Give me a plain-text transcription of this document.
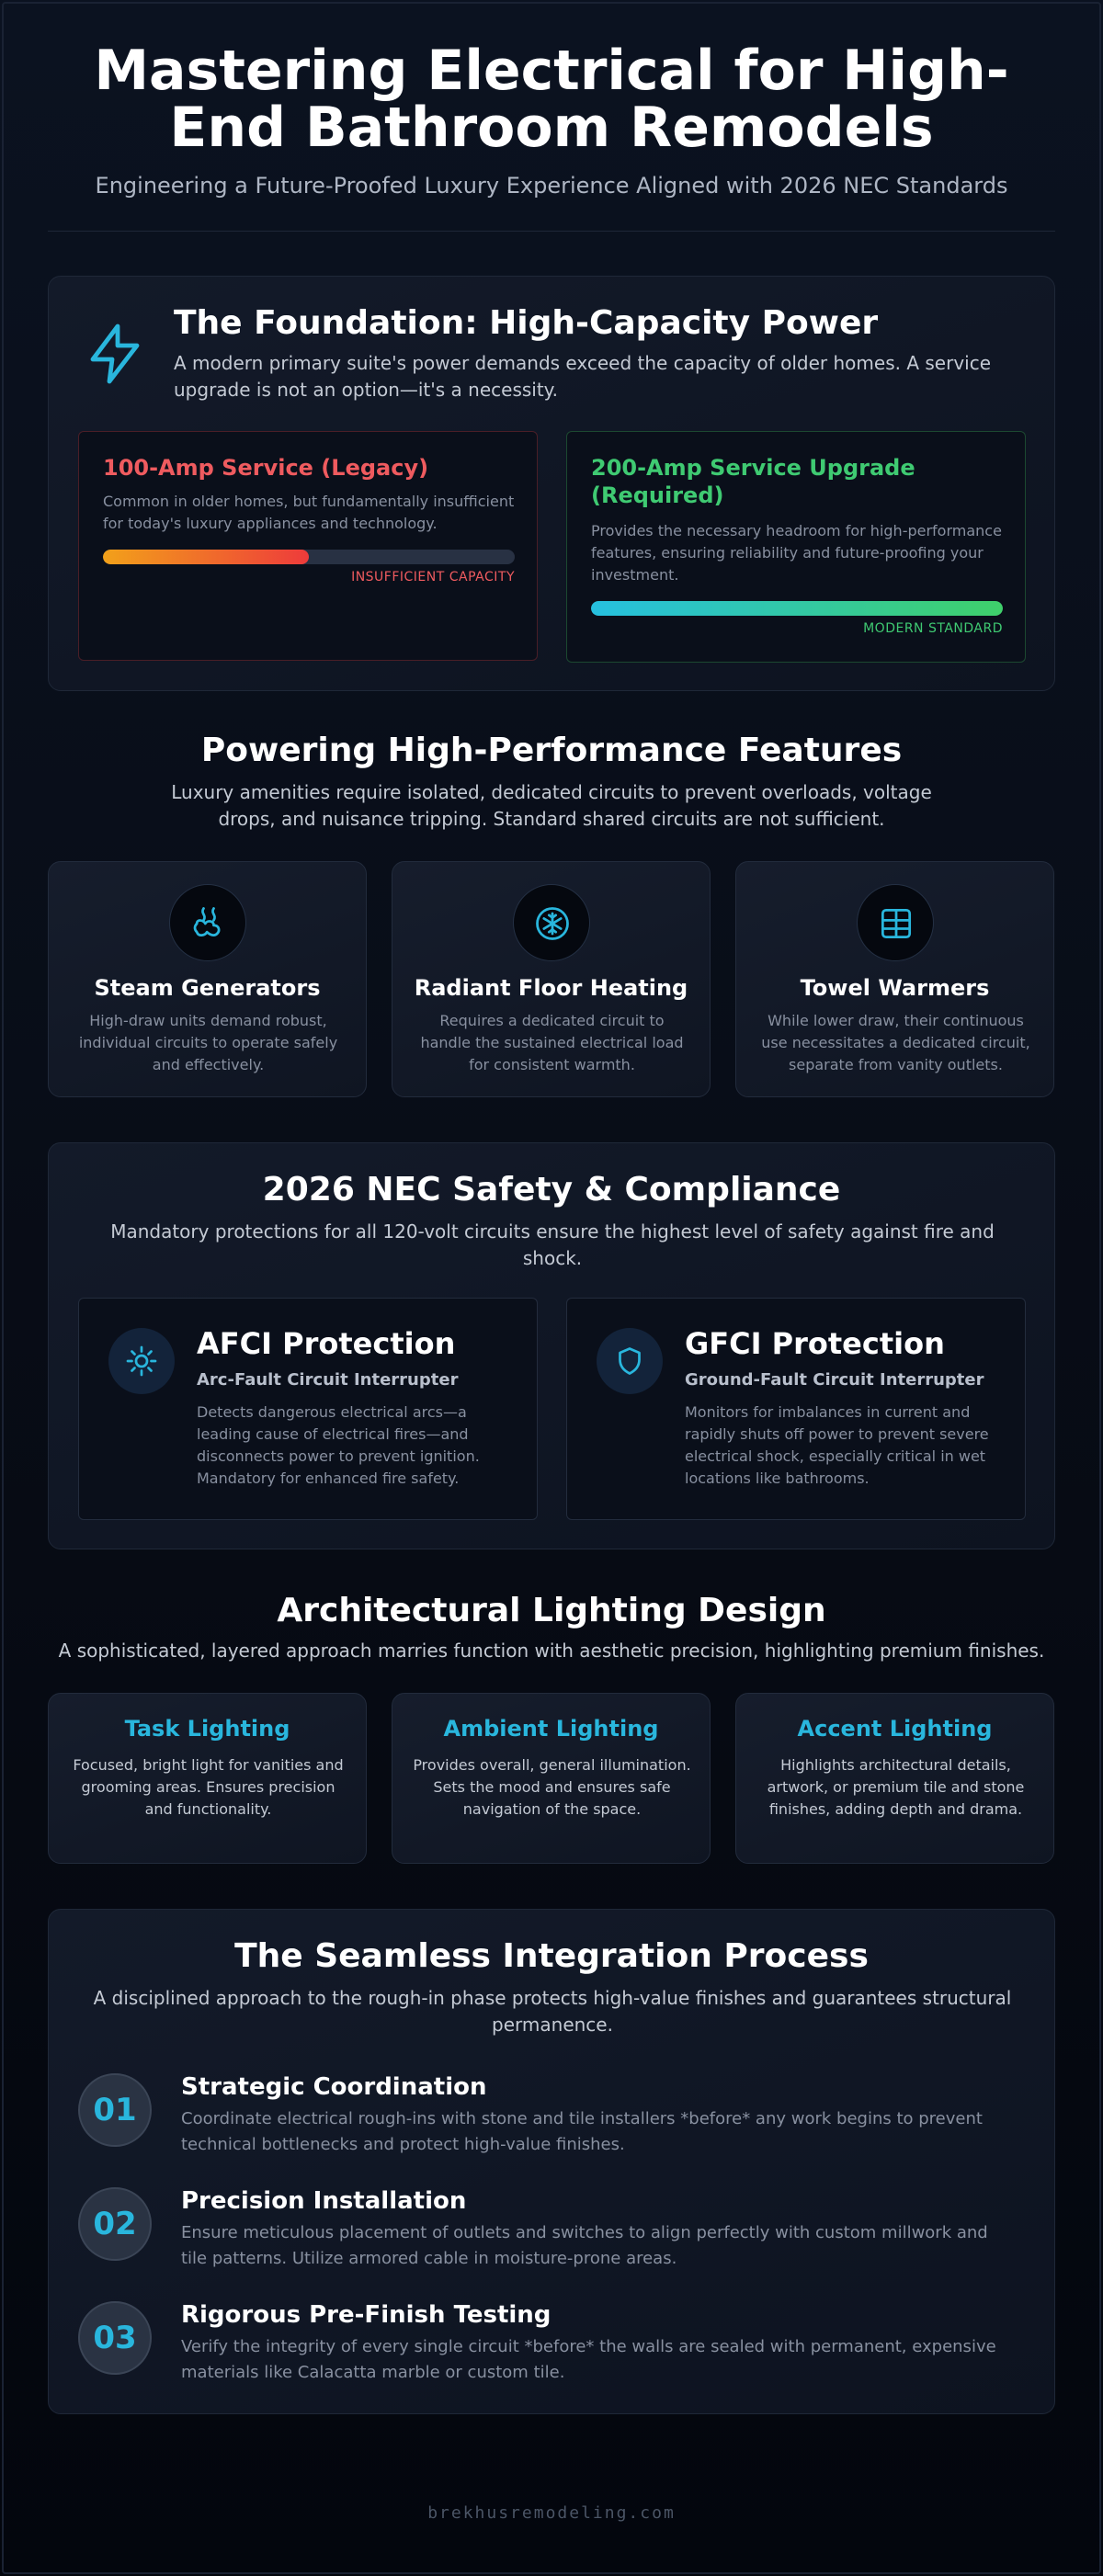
Mastering Electrical for High-End Bathroom Remodels

Engineering a Future-Proofed Luxury Experience Aligned with 2026 NEC Standards

The Foundation: High-Capacity Power

A modern primary suite's power demands exceed the capacity of older homes. A service upgrade is not an option—it's a necessity.

100-Amp Service (Legacy)

Common in older homes, but fundamentally insufficient for today's luxury appliances and technology.

INSUFFICIENT CAPACITY
200-Amp Service Upgrade (Required)

Provides the necessary headroom for high-performance features, ensuring reliability and future-proofing your investment.

MODERN STANDARD
Powering High-Performance Features

Luxury amenities require isolated, dedicated circuits to prevent overloads, voltage drops, and nuisance tripping. Standard shared circuits are not sufficient.

Steam Generators

High-draw units demand robust, individual circuits to operate safely and effectively.

Radiant Floor Heating

Requires a dedicated circuit to handle the sustained electrical load for consistent warmth.

Towel Warmers

While lower draw, their continuous use necessitates a dedicated circuit, separate from vanity outlets.

2026 NEC Safety & Compliance

Mandatory protections for all 120-volt circuits ensure the highest level of safety against fire and shock.

AFCI Protection

Arc-Fault Circuit Interrupter

Detects dangerous electrical arcs—a leading cause of electrical fires—and disconnects power to prevent ignition. Mandatory for enhanced fire safety.

GFCI Protection

Ground-Fault Circuit Interrupter

Monitors for imbalances in current and rapidly shuts off power to prevent severe electrical shock, especially critical in wet locations like bathrooms.

Architectural Lighting Design

A sophisticated, layered approach marries function with aesthetic precision, highlighting premium finishes.

Task Lighting

Focused, bright light for vanities and grooming areas. Ensures precision and functionality.

Ambient Lighting

Provides overall, general illumination. Sets the mood and ensures safe navigation of the space.

Accent Lighting

Highlights architectural details, artwork, or premium tile and stone finishes, adding depth and drama.

The Seamless Integration Process

A disciplined approach to the rough-in phase protects high-value finishes and guarantees structural permanence.

01
Strategic Coordination

Coordinate electrical rough-ins with stone and tile installers *before* any work begins to prevent technical bottlenecks and protect high-value finishes.

02
Precision Installation

Ensure meticulous placement of outlets and switches to align perfectly with custom millwork and tile patterns. Utilize armored cable in moisture-prone areas.

03
Rigorous Pre-Finish Testing

Verify the integrity of every single circuit *before* the walls are sealed with permanent, expensive materials like Calacatta marble or custom tile.

brekhusremodeling.com
